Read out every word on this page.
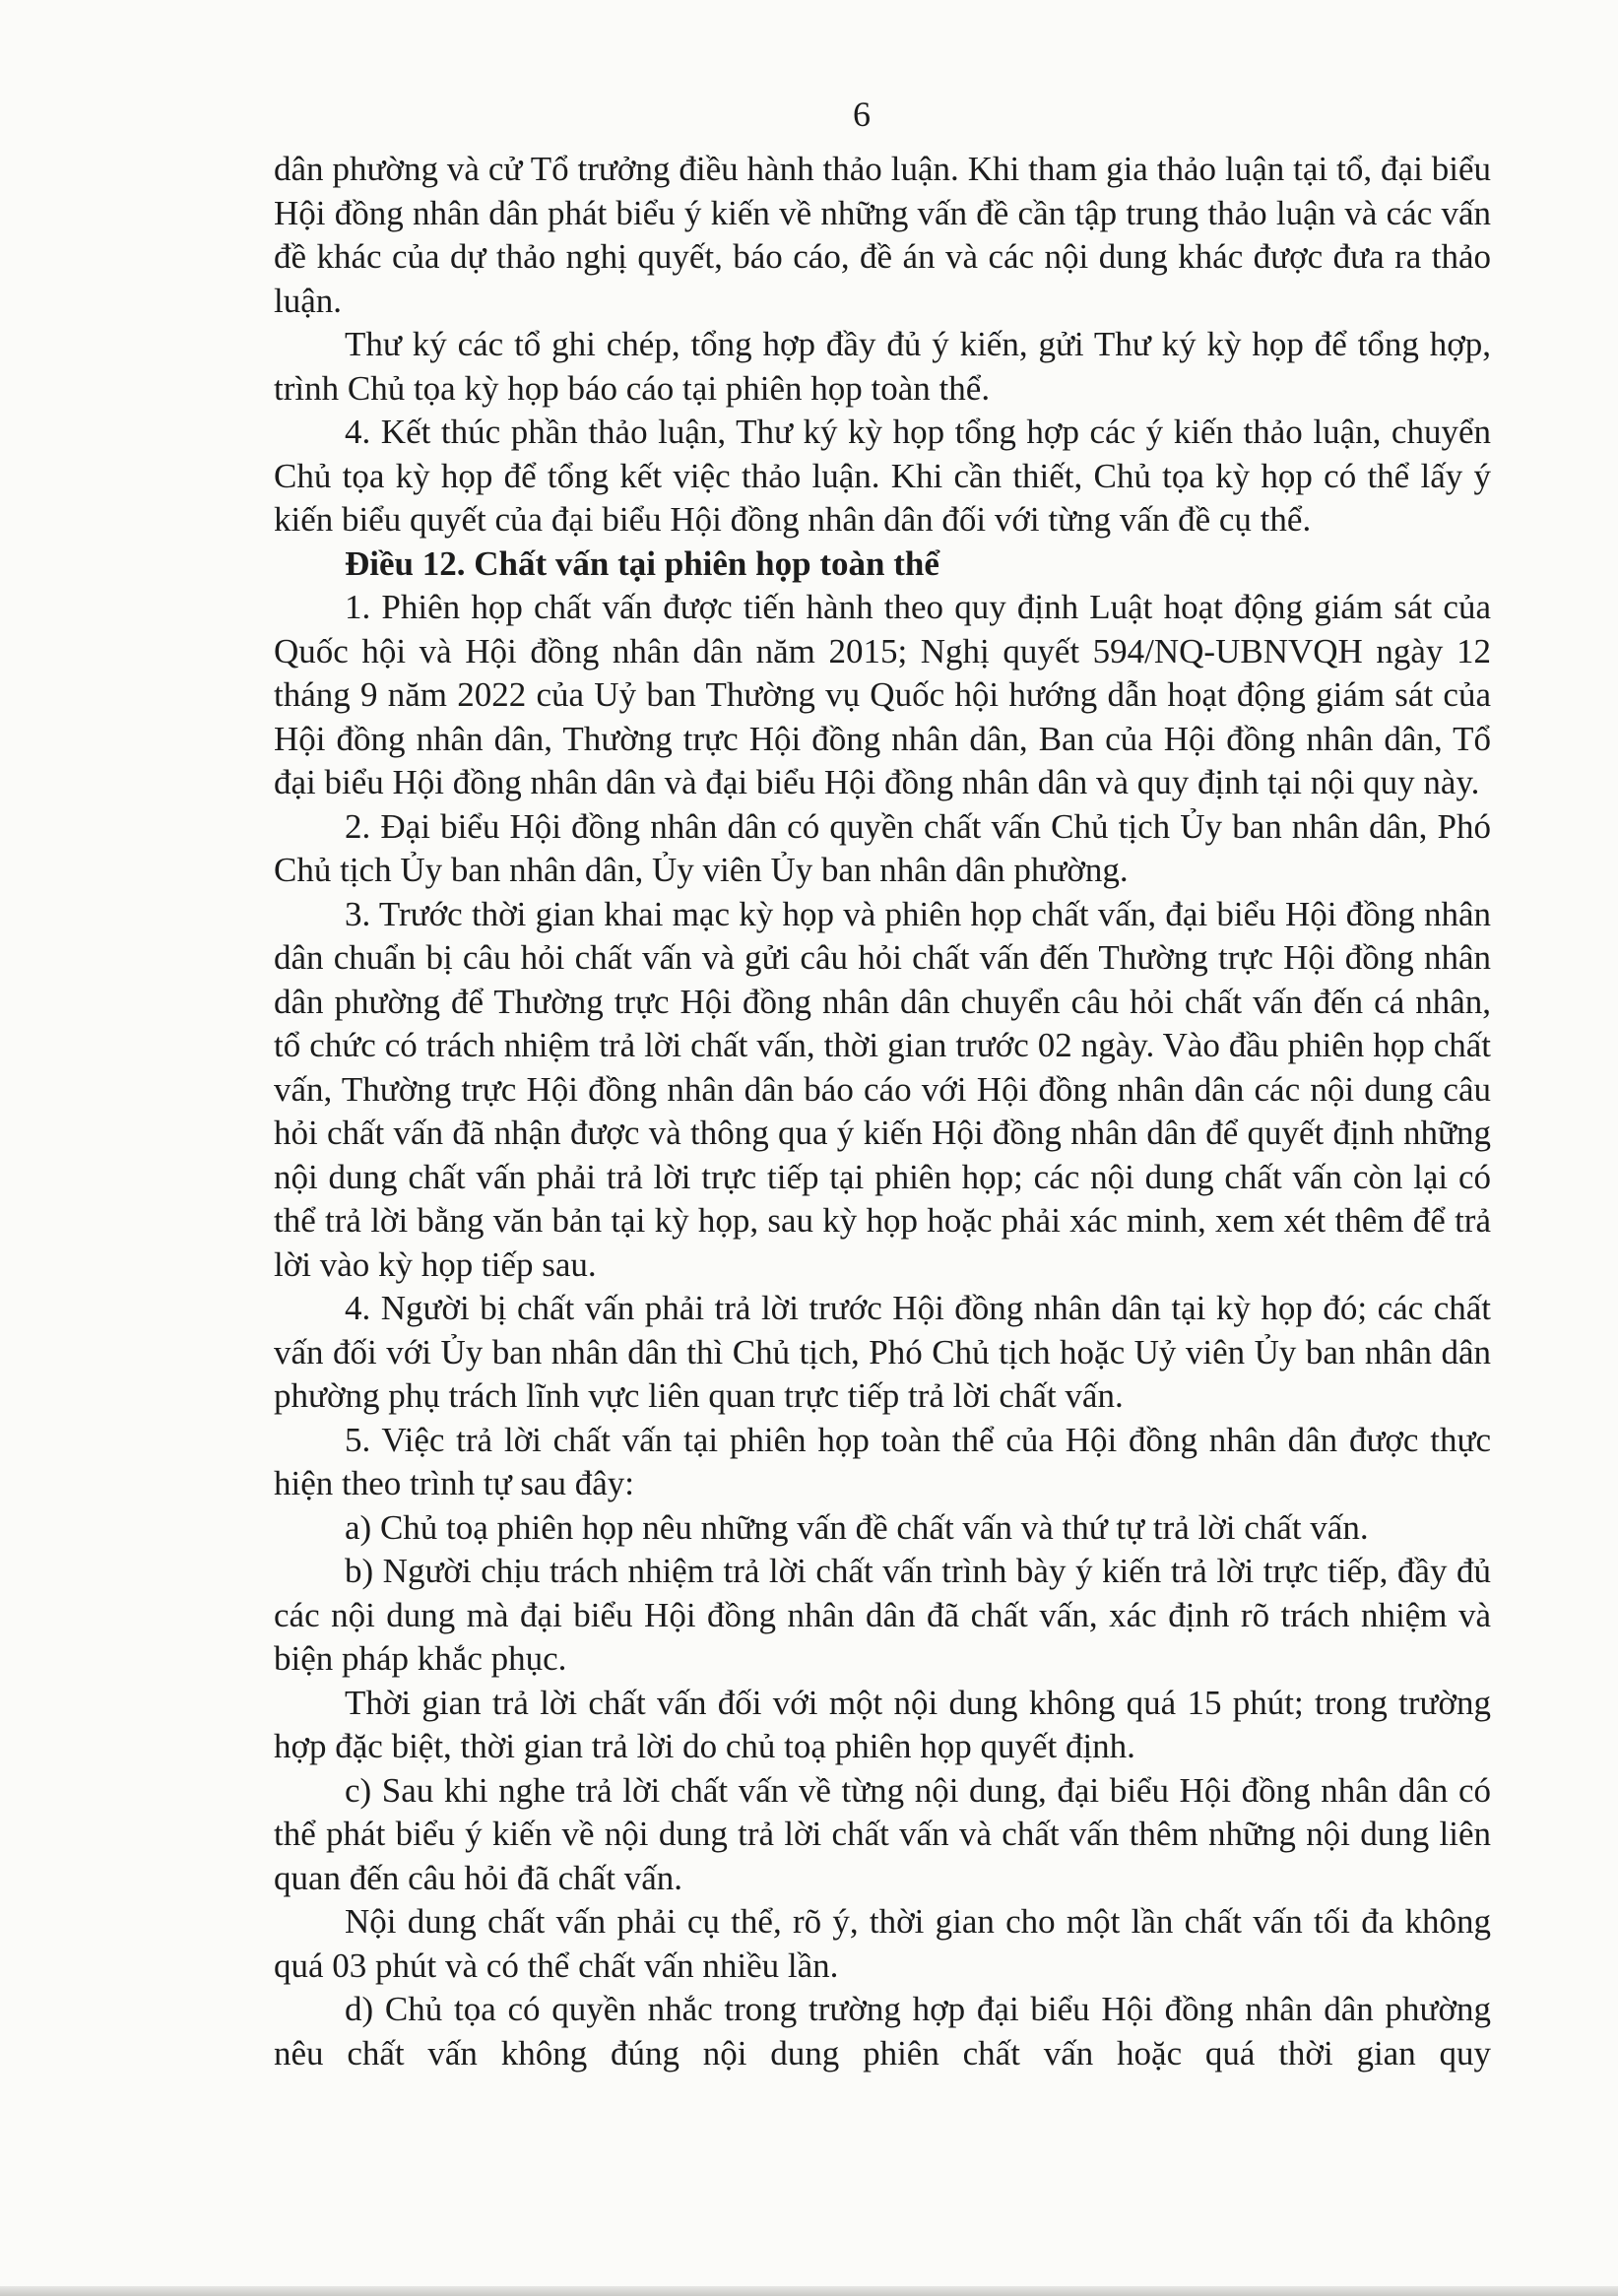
6

dân phường và cử Tổ trưởng điều hành thảo luận. Khi tham gia thảo luận tại tổ, đại biểu Hội đồng nhân dân phát biểu ý kiến về những vấn đề cần tập trung thảo luận và các vấn đề khác của dự thảo nghị quyết, báo cáo, đề án và các nội dung khác được đưa ra thảo luận.

Thư ký các tổ ghi chép, tổng hợp đầy đủ ý kiến, gửi Thư ký kỳ họp để tổng hợp, trình Chủ tọa kỳ họp báo cáo tại phiên họp toàn thể.

4. Kết thúc phần thảo luận, Thư ký kỳ họp tổng hợp các ý kiến thảo luận, chuyển Chủ tọa kỳ họp để tổng kết việc thảo luận. Khi cần thiết, Chủ tọa kỳ họp có thể lấy ý kiến biểu quyết của đại biểu Hội đồng nhân dân đối với từng vấn đề cụ thể.

Điều 12. Chất vấn tại phiên họp toàn thể

1. Phiên họp chất vấn được tiến hành theo quy định Luật hoạt động giám sát của Quốc hội và Hội đồng nhân dân năm 2015; Nghị quyết 594/NQ-UBNVQH ngày 12 tháng 9 năm 2022 của Uỷ ban Thường vụ Quốc hội hướng dẫn hoạt động giám sát của Hội đồng nhân dân, Thường trực Hội đồng nhân dân, Ban của Hội đồng nhân dân, Tổ đại biểu Hội đồng nhân dân và đại biểu Hội đồng nhân dân và quy định tại nội quy này.

2. Đại biểu Hội đồng nhân dân có quyền chất vấn Chủ tịch Ủy ban nhân dân, Phó Chủ tịch Ủy ban nhân dân, Ủy viên Ủy ban nhân dân phường.

3. Trước thời gian khai mạc kỳ họp và phiên họp chất vấn, đại biểu Hội đồng nhân dân chuẩn bị câu hỏi chất vấn và gửi câu hỏi chất vấn đến Thường trực Hội đồng nhân dân phường để Thường trực Hội đồng nhân dân chuyển câu hỏi chất vấn đến cá nhân, tổ chức có trách nhiệm trả lời chất vấn, thời gian trước 02 ngày. Vào đầu phiên họp chất vấn, Thường trực Hội đồng nhân dân báo cáo với Hội đồng nhân dân các nội dung câu hỏi chất vấn đã nhận được và thông qua ý kiến Hội đồng nhân dân để quyết định những nội dung chất vấn phải trả lời trực tiếp tại phiên họp; các nội dung chất vấn còn lại có thể trả lời bằng văn bản tại kỳ họp, sau kỳ họp hoặc phải xác minh, xem xét thêm để trả lời vào kỳ họp tiếp sau.

4. Người bị chất vấn phải trả lời trước Hội đồng nhân dân tại kỳ họp đó; các chất vấn đối với Ủy ban nhân dân thì Chủ tịch, Phó Chủ tịch hoặc Uỷ viên Ủy ban nhân dân phường phụ trách lĩnh vực liên quan trực tiếp trả lời chất vấn.

5. Việc trả lời chất vấn tại phiên họp toàn thể của Hội đồng nhân dân được thực hiện theo trình tự sau đây:

a) Chủ toạ phiên họp nêu những vấn đề chất vấn và thứ tự trả lời chất vấn.

b) Người chịu trách nhiệm trả lời chất vấn trình bày ý kiến trả lời trực tiếp, đầy đủ các nội dung mà đại biểu Hội đồng nhân dân đã chất vấn, xác định rõ trách nhiệm và biện pháp khắc phục.

Thời gian trả lời chất vấn đối với một nội dung không quá 15 phút; trong trường hợp đặc biệt, thời gian trả lời do chủ toạ phiên họp quyết định.

c) Sau khi nghe trả lời chất vấn về từng nội dung, đại biểu Hội đồng nhân dân có thể phát biểu ý kiến về nội dung trả lời chất vấn và chất vấn thêm những nội dung liên quan đến câu hỏi đã chất vấn.

Nội dung chất vấn phải cụ thể, rõ ý, thời gian cho một lần chất vấn tối đa không quá 03 phút và có thể chất vấn nhiều lần.

d) Chủ tọa có quyền nhắc trong trường hợp đại biểu Hội đồng nhân dân phường nêu chất vấn không đúng nội dung phiên chất vấn hoặc quá thời gian quy
